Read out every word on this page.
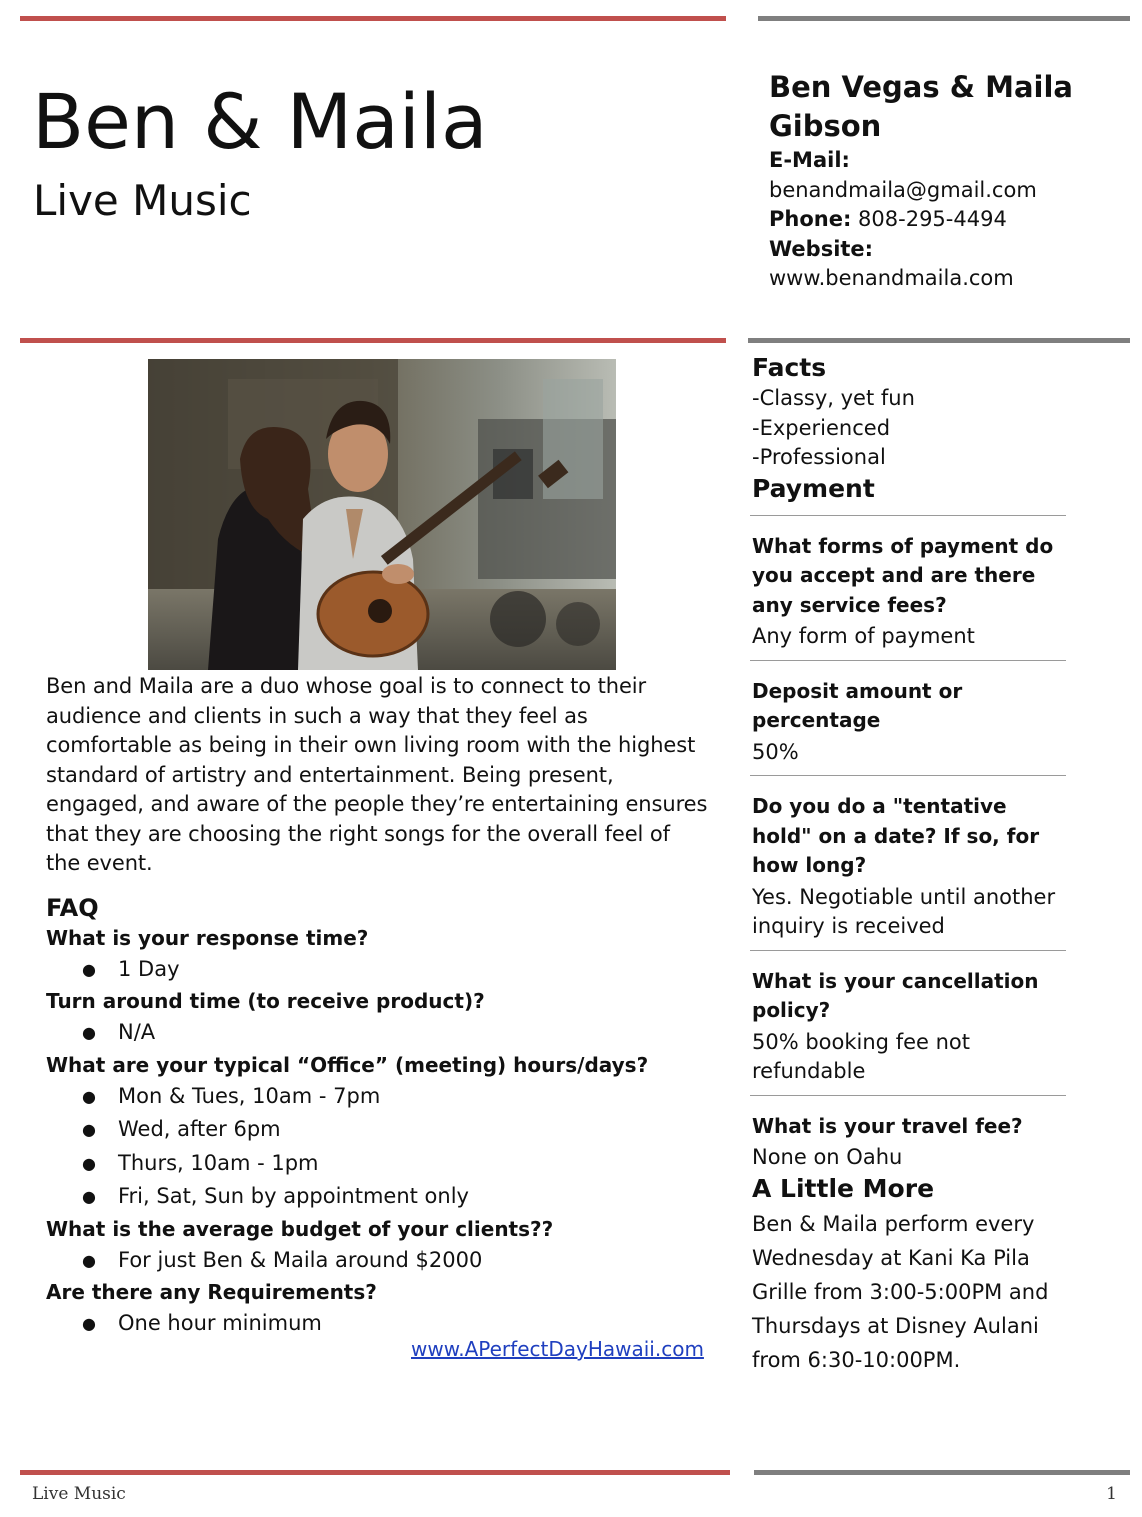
Ben & Maila
Live Music
Ben Vegas & Maila Gibson
E-Mail:
benandmaila@gmail.com
Phone: 808-295-4494
Website:
www.benandmaila.com

Ben and Maila are a duo whose goal is to connect to their audience and clients in such a way that they feel as comfortable as being in their own living room with the highest standard of artistry and entertainment. Being present, engaged, and aware of the people they’re entertaining ensures that they are choosing the right songs for the overall feel of the event.

FAQ
What is your response time?
● 1 Day
Turn around time (to receive product)?
● N/A
What are your typical “Office” (meeting) hours/days?
● Mon & Tues, 10am - 7pm
● Wed, after 6pm
● Thurs, 10am - 1pm
● Fri, Sat, Sun by appointment only
What is the average budget of your clients??
● For just Ben & Maila around $2000
Are there any Requirements?
● One hour minimum
www.APerfectDayHawaii.com
Facts
-Classy, yet fun
-Experienced
-Professional
Payment
What forms of payment do you accept and are there any service fees?
Any form of payment
Deposit amount or percentage
50%
Do you do a "tentative hold" on a date? If so, for how long?
Yes. Negotiable until another inquiry is received
What is your cancellation policy?
50% booking fee not refundable
What is your travel fee?
None on Oahu
A Little More
Ben & Maila perform every Wednesday at Kani Ka Pila Grille from 3:00-5:00PM and Thursdays at Disney Aulani from 6:30-10:00PM.
Live Music	1
